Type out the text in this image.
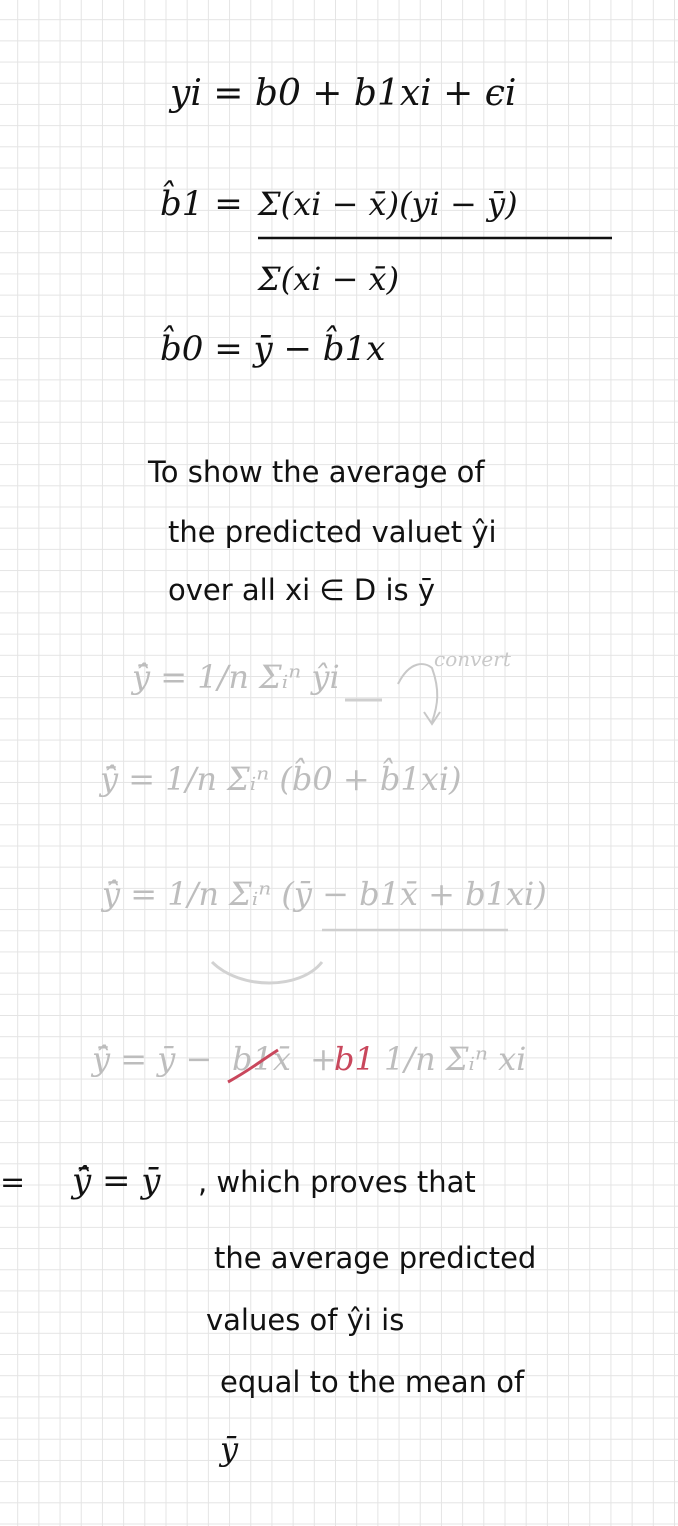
yi = b0 + b1xi + ϵi
b̂1 = Σ(xi − x̄)(yi − ȳ)
Σ(xi − x̄)
b̂0 = ȳ − b̂1x
To show the average of
the predicted valuet ŷi
over all xi ∈ D is ȳ
ŷ̄ = 1/n Σᵢⁿ ŷi	convert
ŷ̄ = 1/n Σᵢⁿ (b̂0 + b̂1xi)
ŷ̄ = 1/n Σᵢⁿ (ȳ − b1x̄ + b1xi)
ŷ̄ = ȳ − b1x̄ +
b1 1/n Σᵢⁿ xi
= ŷ̄ = ȳ , which proves that
the average predicted
values of ŷi is
equal to the mean of
ȳ
